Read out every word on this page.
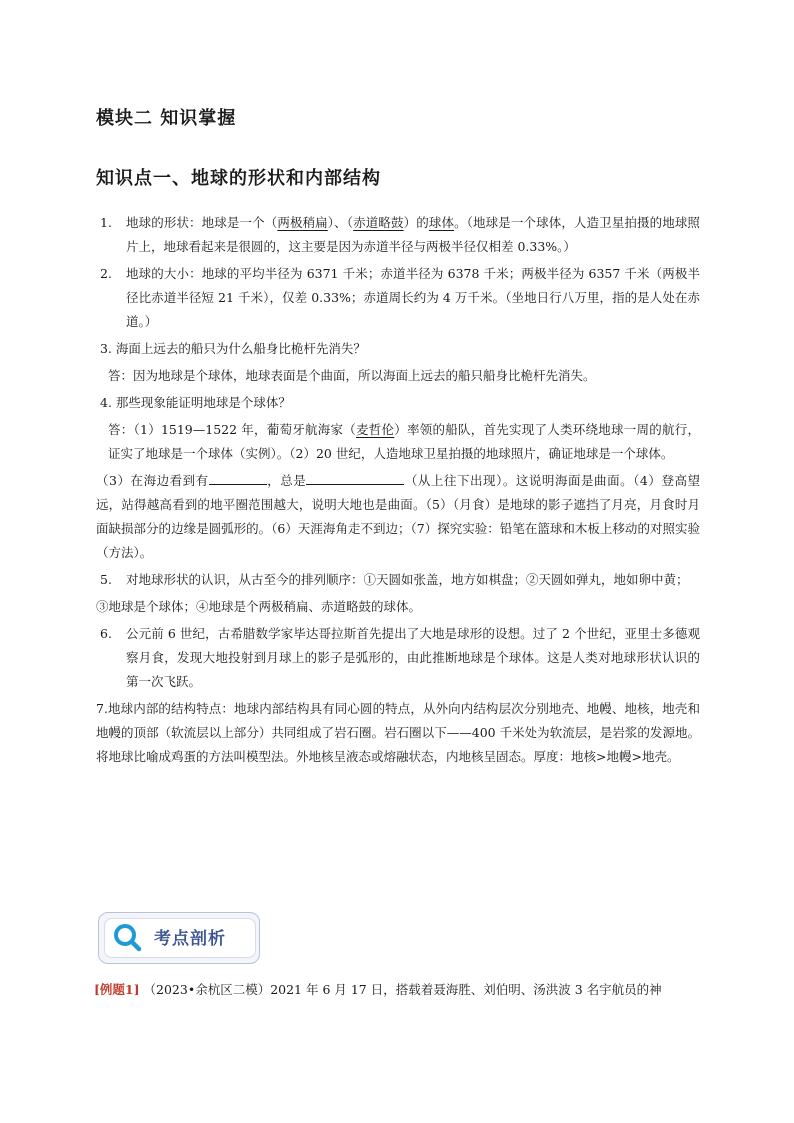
模块二 知识掌握
知识点一、地球的形状和内部结构
1.	地球的形状：地球是一个（两极稍扁）、（赤道略鼓）的球体。（地球是一个球体，人造卫星拍摄的地球照片上，地球看起来是很圆的，这主要是因为赤道半径与两极半径仅相差 0.33%。）
2.	地球的大小：地球的平均半径为 6371 千米；赤道半径为 6378 千米；两极半径为 6357 千米（两极半径比赤道半径短 21 千米），仅差 0.33%；赤道周长约为 4 万千米。（坐地日行八万里，指的是人处在赤道。）
3. 海面上远去的船只为什么船身比桅杆先消失？
答：因为地球是个球体，地球表面是个曲面，所以海面上远去的船只船身比桅杆先消失。
4. 那些现象能证明地球是个球体？
答：（1）1519—1522 年，葡萄牙航海家（麦哲伦）率领的船队，首先实现了人类环绕地球一周的航行，证实了地球是一个球体（实例）。（2）20 世纪，人造地球卫星拍摄的地球照片，确证地球是一个球体。
（3）在海边看到有	，总是	（从上往下出现）。这说明海面是曲面。（4）登高望远，站得越高看到的地平圈范围越大，说明大地也是曲面。（5）（月食）是地球的影子遮挡了月亮，月食时月面缺损部分的边缘是圆弧形的。（6）天涯海角走不到边；（7）探究实验：铅笔在篮球和木板上移动的对照实验（方法）。
5.	对地球形状的认识，从古至今的排列顺序：①天圆如张盖，地方如棋盘；②天圆如弹丸，地如卵中黄；
③地球是个球体；④地球是个两极稍扁、赤道略鼓的球体。
6.	公元前 6 世纪，古希腊数学家毕达哥拉斯首先提出了大地是球形的设想。过了 2 个世纪，亚里士多德观察月食，发现大地投射到月球上的影子是弧形的，由此推断地球是个球体。这是人类对地球形状认识的第一次飞跃。
7.地球内部的结构特点：地球内部结构具有同心圆的特点，从外向内结构层次分别地壳、地幔、地核，地壳和地幔的顶部（软流层以上部分）共同组成了岩石圈。岩石圈以下——400 千米处为软流层，是岩浆的发源地。将地球比喻成鸡蛋的方法叫模型法。外地核呈液态或熔融状态，内地核呈固态。厚度：地核>地幔>地壳。
考点剖析
[例题1] （2023•余杭区二模）2021 年 6 月 17 日，搭载着聂海胜、刘伯明、汤洪波 3 名宇航员的神
